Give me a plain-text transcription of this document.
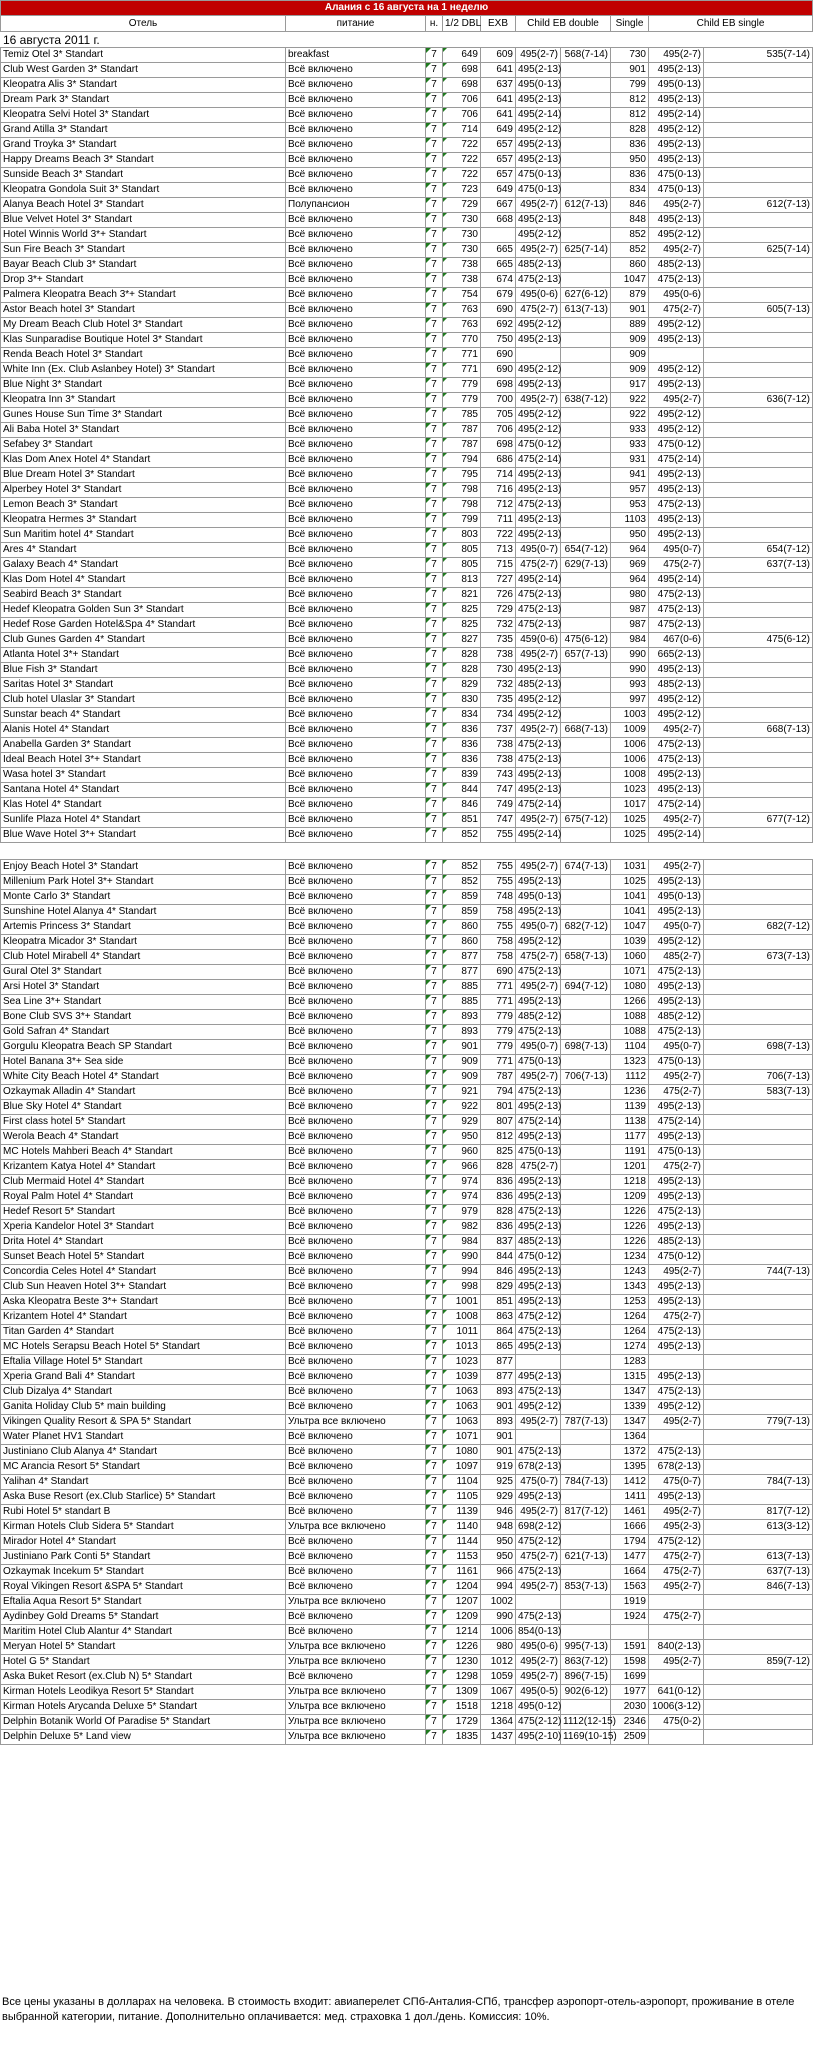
Алания с 16 августа на 1 неделю									
Отель	питание	н.	1/2 DBL	EXB	Child EB double		Single	Child EB single	
16 августа 2011 г.									
Temiz Otel 3* Standart	breakfast	7	649	609	495(2-7)	568(7-14)	730	495(2-7)	535(7-14)
Club West Garden 3* Standart	Всё включено	7	698	641	495(2-13)		901	495(2-13)	
Kleopatra Alis 3* Standart	Всё включено	7	698	637	495(0-13)		799	495(0-13)	
Dream Park 3* Standart	Всё включено	7	706	641	495(2-13)		812	495(2-13)	
Kleopatra Selvi Hotel 3* Standart	Всё включено	7	706	641	495(2-14)		812	495(2-14)	
Grand Atilla 3* Standart	Всё включено	7	714	649	495(2-12)		828	495(2-12)	
Grand Troyka 3* Standart	Всё включено	7	722	657	495(2-13)		836	495(2-13)	
Happy Dreams Beach 3* Standart	Всё включено	7	722	657	495(2-13)		950	495(2-13)	
Sunside Beach 3* Standart	Всё включено	7	722	657	475(0-13)		836	475(0-13)	
Kleopatra Gondola Suit 3* Standart	Всё включено	7	723	649	475(0-13)		834	475(0-13)	
Alanya Beach Hotel 3* Standart	Полупансион	7	729	667	495(2-7)	612(7-13)	846	495(2-7)	612(7-13)
Blue Velvet Hotel 3* Standart	Всё включено	7	730	668	495(2-13)		848	495(2-13)	
Hotel Winnis World 3*+ Standart	Всё включено	7	730		495(2-12)		852	495(2-12)	
Sun Fire Beach 3* Standart	Всё включено	7	730	665	495(2-7)	625(7-14)	852	495(2-7)	625(7-14)
Bayar Beach Club 3* Standart	Всё включено	7	738	665	485(2-13)		860	485(2-13)	
Drop 3*+ Standart	Всё включено	7	738	674	475(2-13)		1047	475(2-13)	
Palmera Kleopatra Beach 3*+ Standart	Всё включено	7	754	679	495(0-6)	627(6-12)	879	495(0-6)	
Astor Beach hotel 3* Standart	Всё включено	7	763	690	475(2-7)	613(7-13)	901	475(2-7)	605(7-13)
My Dream Beach Club Hotel 3* Standart	Всё включено	7	763	692	495(2-12)		889	495(2-12)	
Klas Sunparadise Boutique Hotel 3* Standart	Всё включено	7	770	750	495(2-13)		909	495(2-13)	
Renda Beach Hotel 3* Standart	Всё включено	7	771	690			909		
White Inn (Ex. Club Aslanbey Hotel) 3* Standart	Всё включено	7	771	690	495(2-12)		909	495(2-12)	
Blue Night 3* Standart	Всё включено	7	779	698	495(2-13)		917	495(2-13)	
Kleopatra Inn 3* Standart	Всё включено	7	779	700	495(2-7)	638(7-12)	922	495(2-7)	636(7-12)
Gunes House Sun Time 3* Standart	Всё включено	7	785	705	495(2-12)		922	495(2-12)	
Ali Baba Hotel 3* Standart	Всё включено	7	787	706	495(2-12)		933	495(2-12)	
Sefabey 3* Standart	Всё включено	7	787	698	475(0-12)		933	475(0-12)	
Klas Dom Anex Hotel 4* Standart	Всё включено	7	794	686	475(2-14)		931	475(2-14)	
Blue Dream Hotel 3* Standart	Всё включено	7	795	714	495(2-13)		941	495(2-13)	
Alperbey Hotel 3* Standart	Всё включено	7	798	716	495(2-13)		957	495(2-13)	
Lemon Beach 3* Standart	Всё включено	7	798	712	475(2-13)		953	475(2-13)	
Kleopatra Hermes 3* Standart	Всё включено	7	799	711	495(2-13)		1103	495(2-13)	
Sun Maritim hotel 4* Standart	Всё включено	7	803	722	495(2-13)		950	495(2-13)	
Ares 4* Standart	Всё включено	7	805	713	495(0-7)	654(7-12)	964	495(0-7)	654(7-12)
Galaxy Beach 4* Standart	Всё включено	7	805	715	475(2-7)	629(7-13)	969	475(2-7)	637(7-13)
Klas Dom Hotel 4* Standart	Всё включено	7	813	727	495(2-14)		964	495(2-14)	
Seabird Beach 3* Standart	Всё включено	7	821	726	475(2-13)		980	475(2-13)	
Hedef Kleopatra Golden Sun 3* Standart	Всё включено	7	825	729	475(2-13)		987	475(2-13)	
Hedef Rose Garden Hotel&Spa 4* Standart	Всё включено	7	825	732	475(2-13)		987	475(2-13)	
Club Gunes Garden 4* Standart	Всё включено	7	827	735	459(0-6)	475(6-12)	984	467(0-6)	475(6-12)
Atlanta Hotel 3*+ Standart	Всё включено	7	828	738	495(2-7)	657(7-13)	990	665(2-13)	
Blue Fish 3* Standart	Всё включено	7	828	730	495(2-13)		990	495(2-13)	
Saritas Hotel 3* Standart	Всё включено	7	829	732	485(2-13)		993	485(2-13)	
Club hotel Ulaslar 3* Standart	Всё включено	7	830	735	495(2-12)		997	495(2-12)	
Sunstar beach 4* Standart	Всё включено	7	834	734	495(2-12)		1003	495(2-12)	
Alanis Hotel 4* Standart	Всё включено	7	836	737	495(2-7)	668(7-13)	1009	495(2-7)	668(7-13)
Anabella Garden 3* Standart	Всё включено	7	836	738	475(2-13)		1006	475(2-13)	
Ideal Beach Hotel 3*+ Standart	Всё включено	7	836	738	475(2-13)		1006	475(2-13)	
Wasa hotel 3* Standart	Всё включено	7	839	743	495(2-13)		1008	495(2-13)	
Santana Hotel 4* Standart	Всё включено	7	844	747	495(2-13)		1023	495(2-13)	
Klas Hotel 4* Standart	Всё включено	7	846	749	475(2-14)		1017	475(2-14)	
Sunlife Plaza Hotel 4* Standart	Всё включено	7	851	747	495(2-7)	675(7-12)	1025	495(2-7)	677(7-12)
Blue Wave Hotel 3*+ Standart	Всё включено	7	852	755	495(2-14)		1025	495(2-14)	

Enjoy Beach Hotel 3* Standart	Всё включено	7	852	755	495(2-7)	674(7-13)	1031	495(2-7)	
Millenium Park Hotel 3*+ Standart	Всё включено	7	852	755	495(2-13)		1025	495(2-13)	
Monte Carlo 3* Standart	Всё включено	7	859	748	495(0-13)		1041	495(0-13)	
Sunshine Hotel Alanya 4* Standart	Всё включено	7	859	758	495(2-13)		1041	495(2-13)	
Artemis Princess 3* Standart	Всё включено	7	860	755	495(0-7)	682(7-12)	1047	495(0-7)	682(7-12)
Kleopatra Micador 3* Standart	Всё включено	7	860	758	495(2-12)		1039	495(2-12)	
Club Hotel Mirabell 4* Standart	Всё включено	7	877	758	475(2-7)	658(7-13)	1060	485(2-7)	673(7-13)
Gural Otel 3* Standart	Всё включено	7	877	690	475(2-13)		1071	475(2-13)	
Arsi Hotel 3* Standart	Всё включено	7	885	771	495(2-7)	694(7-12)	1080	495(2-13)	
Sea Line 3*+ Standart	Всё включено	7	885	771	495(2-13)		1266	495(2-13)	
Bone Club SVS 3*+ Standart	Всё включено	7	893	779	485(2-12)		1088	485(2-12)	
Gold Safran 4* Standart	Всё включено	7	893	779	475(2-13)		1088	475(2-13)	
Gorgulu Kleopatra Beach SP Standart	Всё включено	7	901	779	495(0-7)	698(7-13)	1104	495(0-7)	698(7-13)
Hotel Banana 3*+ Sea side	Всё включено	7	909	771	475(0-13)		1323	475(0-13)	
White City Beach Hotel 4* Standart	Всё включено	7	909	787	495(2-7)	706(7-13)	1112	495(2-7)	706(7-13)
Ozkaymak Alladin 4* Standart	Всё включено	7	921	794	475(2-13)		1236	475(2-7)	583(7-13)
Blue Sky Hotel 4* Standart	Всё включено	7	922	801	495(2-13)		1139	495(2-13)	
First class hotel 5* Standart	Всё включено	7	929	807	475(2-14)		1138	475(2-14)	
Werola Beach 4* Standart	Всё включено	7	950	812	495(2-13)		1177	495(2-13)	
MC Hotels Mahberi Beach 4* Standart	Всё включено	7	960	825	475(0-13)		1191	475(0-13)	
Krizantem Katya Hotel 4* Standart	Всё включено	7	966	828	475(2-7)		1201	475(2-7)	
Club Mermaid Hotel 4* Standart	Всё включено	7	974	836	495(2-13)		1218	495(2-13)	
Royal Palm Hotel 4* Standart	Всё включено	7	974	836	495(2-13)		1209	495(2-13)	
Hedef Resort 5* Standart	Всё включено	7	979	828	475(2-13)		1226	475(2-13)	
Xperia Kandelor Hotel 3* Standart	Всё включено	7	982	836	495(2-13)		1226	495(2-13)	
Drita Hotel 4* Standart	Всё включено	7	984	837	485(2-13)		1226	485(2-13)	
Sunset Beach Hotel 5* Standart	Всё включено	7	990	844	475(0-12)		1234	475(0-12)	
Concordia Celes Hotel 4* Standart	Всё включено	7	994	846	495(2-13)		1243	495(2-7)	744(7-13)
Club Sun Heaven Hotel 3*+ Standart	Всё включено	7	998	829	495(2-13)		1343	495(2-13)	
Aska Kleopatra Beste 3*+ Standart	Всё включено	7	1001	851	495(2-13)		1253	495(2-13)	
Krizantem Hotel 4* Standart	Всё включено	7	1008	863	475(2-12)		1264	475(2-7)	
Titan Garden 4* Standart	Всё включено	7	1011	864	475(2-13)		1264	475(2-13)	
MC Hotels Serapsu Beach Hotel 5* Standart	Всё включено	7	1013	865	495(2-13)		1274	495(2-13)	
Eftalia Village Hotel 5* Standart	Всё включено	7	1023	877			1283		
Xperia Grand Bali 4* Standart	Всё включено	7	1039	877	495(2-13)		1315	495(2-13)	
Club Dizalya 4* Standart	Всё включено	7	1063	893	475(2-13)		1347	475(2-13)	
Ganita Holiday Club 5* main building	Всё включено	7	1063	901	495(2-12)		1339	495(2-12)	
Vikingen Quality Resort & SPA 5* Standart	Ультра все включено	7	1063	893	495(2-7)	787(7-13)	1347	495(2-7)	779(7-13)
Water Planet HV1 Standart	Всё включено	7	1071	901			1364		
Justiniano Club Alanya 4* Standart	Всё включено	7	1080	901	475(2-13)		1372	475(2-13)	
MC Arancia Resort 5* Standart	Всё включено	7	1097	919	678(2-13)		1395	678(2-13)	
Yalihan 4* Standart	Всё включено	7	1104	925	475(0-7)	784(7-13)	1412	475(0-7)	784(7-13)
Aska Buse Resort (ex.Club Starlice) 5* Standart	Всё включено	7	1105	929	495(2-13)		1411	495(2-13)	
Rubi Hotel 5* standart B	Всё включено	7	1139	946	495(2-7)	817(7-12)	1461	495(2-7)	817(7-12)
Kirman Hotels Club Sidera 5* Standart	Ультра все включено	7	1140	948	698(2-12)		1666	495(2-3)	613(3-12)
Mirador Hotel 4* Standart	Всё включено	7	1144	950	475(2-12)		1794	475(2-12)	
Justiniano Park Conti 5* Standart	Всё включено	7	1153	950	475(2-7)	621(7-13)	1477	475(2-7)	613(7-13)
Ozkaymak Incekum 5* Standart	Всё включено	7	1161	966	475(2-13)		1664	475(2-7)	637(7-13)
Royal Vikingen Resort &SPA 5* Standart	Всё включено	7	1204	994	495(2-7)	853(7-13)	1563	495(2-7)	846(7-13)
Eftalia Aqua Resort 5* Standart	Ультра все включено	7	1207	1002			1919		
Aydinbey Gold Dreams 5* Standart	Всё включено	7	1209	990	475(2-13)		1924	475(2-7)	
Maritim Hotel Club Alantur 4* Standart	Всё включено	7	1214	1006	854(0-13)				
Meryan Hotel 5* Standart	Ультра все включено	7	1226	980	495(0-6)	995(7-13)	1591	840(2-13)	
Hotel G 5* Standart	Ультра все включено	7	1230	1012	495(2-7)	863(7-12)	1598	495(2-7)	859(7-12)
Aska Buket Resort (ex.Club N) 5* Standart	Всё включено	7	1298	1059	495(2-7)	896(7-15)	1699		
Kirman Hotels Leodikya Resort 5* Standart	Ультра все включено	7	1309	1067	495(0-5)	902(6-12)	1977	641(0-12)	
Kirman Hotels Arycanda Deluxe 5* Standart	Ультра все включено	7	1518	1218	495(0-12)		2030	1006(3-12)	
Delphin Botanik World Of Paradise 5* Standart	Ультра все включено	7	1729	1364	475(2-12)	1112(12-15)	2346	475(0-2)	
Delphin Deluxe 5* Land view	Ультра все включено	7	1835	1437	495(2-10)	1169(10-15)	2509		
Все цены указаны в долларах на человека. В стоимость входит: авиаперелет СПб-Анталия-СПб, трансфер аэропорт-отель-аэропорт, проживание в отеле выбранной категории, питание. Дополнительно оплачивается: мед. страховка 1 дол./день. Комиссия: 10%.
